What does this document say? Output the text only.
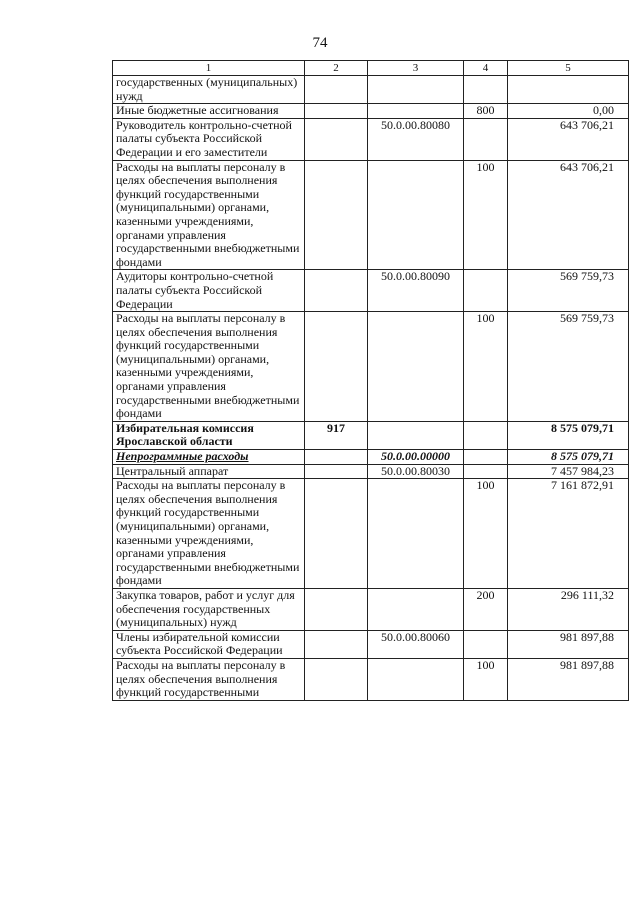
74
1	2	3	4	5
государственных (муниципальных) нужд				
Иные бюджетные ассигнования			800	0,00
Руководитель контрольно-счетной палаты субъекта Российской Федерации и его заместители		50.0.00.80080		643 706,21
Расходы на выплаты персоналу в целях обеспечения выполнения функций государственными (муниципальными) органами, казенными учреждениями, органами управления государственными внебюджетными фондами			100	643 706,21
Аудиторы контрольно-счетной палаты субъекта Российской Федерации		50.0.00.80090		569 759,73
Расходы на выплаты персоналу в целях обеспечения выполнения функций государственными (муниципальными) органами, казенными учреждениями, органами управления государственными внебюджетными фондами			100	569 759,73
Избирательная комиссия Ярославской области	917			8 575 079,71
Непрограммные расходы		50.0.00.00000		8 575 079,71
Центральный аппарат		50.0.00.80030		7 457 984,23
Расходы на выплаты персоналу в целях обеспечения выполнения функций государственными (муниципальными) органами, казенными учреждениями, органами управления государственными внебюджетными фондами			100	7 161 872,91
Закупка товаров, работ и услуг для обеспечения государственных (муниципальных) нужд			200	296 111,32
Члены избирательной комиссии субъекта Российской Федерации		50.0.00.80060		981 897,88
Расходы на выплаты персоналу в целях обеспечения выполнения функций государственными			100	981 897,88
